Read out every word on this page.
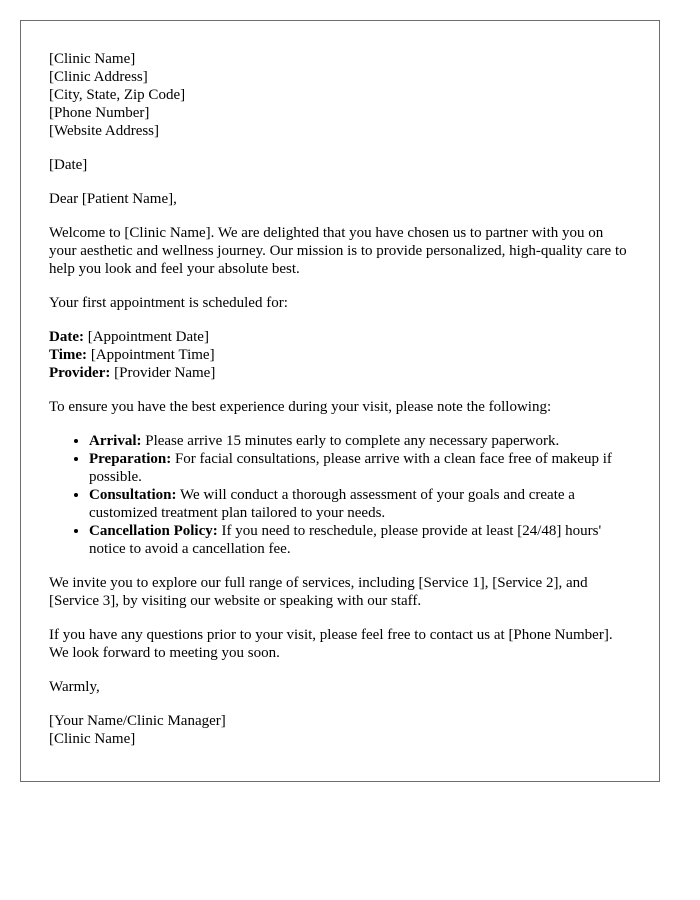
[Clinic Name]
[Clinic Address]
[City, State, Zip Code]
[Phone Number]
[Website Address]

[Date]

Dear [Patient Name],

Welcome to [Clinic Name]. We are delighted that you have chosen us to partner with you on your aesthetic and wellness journey. Our mission is to provide personalized, high-quality care to help you look and feel your absolute best.

Your first appointment is scheduled for:

Date: [Appointment Date]
Time: [Appointment Time]
Provider: [Provider Name]

To ensure you have the best experience during your visit, please note the following:

• Arrival: Please arrive 15 minutes early to complete any necessary paperwork.
• Preparation: For facial consultations, please arrive with a clean face free of makeup if possible.
• Consultation: We will conduct a thorough assessment of your goals and create a customized treatment plan tailored to your needs.
• Cancellation Policy: If you need to reschedule, please provide at least [24/48] hours' notice to avoid a cancellation fee.

We invite you to explore our full range of services, including [Service 1], [Service 2], and [Service 3], by visiting our website or speaking with our staff.

If you have any questions prior to your visit, please feel free to contact us at [Phone Number]. We look forward to meeting you soon.

Warmly,

[Your Name/Clinic Manager]
[Clinic Name]
